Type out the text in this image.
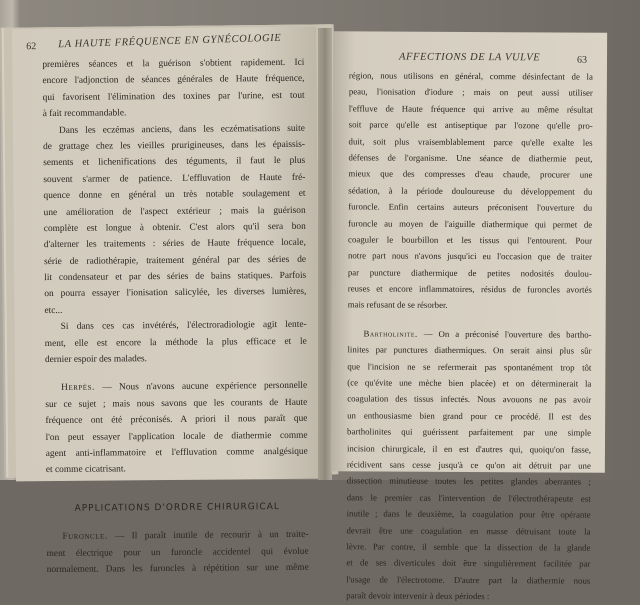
62 LA HAUTE FRÉQUENCE EN GYNÉCOLOGIE
premières séances et la guérison s'obtient rapidement. Ici
encore l'adjonction de séances générales de Haute fréquence,
qui favorisent l'élimination des toxines par l'urine, est tout
à fait recommandable.
Dans les eczémas anciens, dans les eczématisations suite
de grattage chez les vieilles prurigineuses, dans les épaissis-
sements et lichenifications des téguments, il faut le plus
souvent s'armer de patience. L'effluvation de Haute fré-
quence donne en général un très notable soulagement et
une amélioration de l'aspect extérieur ; mais la guérison
complète est longue à obtenir. C'est alors qu'il sera bon
d'alterner les traitements : séries de Haute fréquence locale,
série de radiothérapie, traitement général par des séries de
lit condensateur et par des séries de bains statiques. Parfois
on pourra essayer l'ionisation salicylée, les diverses lumières,
etc...
Si dans ces cas invétérés, l'électroradiologie agit lente-
ment, elle est encore la méthode la plus efficace et le
dernier espoir des malades.
Herpès. — Nous n'avons aucune expérience personnelle
sur ce sujet ; mais nous savons que les courants de Haute
fréquence ont été préconisés. A priori il nous paraît que
l'on peut essayer l'application locale de diathermie comme
agent anti-inflammatoire et l'effluvation comme analgésique
et comme cicatrisant.
APPLICATIONS D'ORDRE CHIRURGICAL
Furoncle. — Il paraît inutile de recourir à un traite-
ment électrique pour un furoncle accidentel qui évolue
normalement. Dans les furoncles à répétition sur une même
AFFECTIONS DE LA VULVE	63
région, nous utilisons en général, comme désinfectant de la
peau, l'ionisation d'iodure ; mais on peut aussi utiliser
l'effluve de Haute fréquence qui arrive au même résultat
soit parce qu'elle est antiseptique par l'ozone qu'elle pro-
duit, soit plus vraisemblablement parce qu'elle exalte les
défenses de l'organisme. Une séance de diathermie peut,
mieux que des compresses d'eau chaude, procurer une
sédation, à la période douloureuse du développement du
furoncle. Enfin certains auteurs préconisent l'ouverture du
furoncle au moyen de l'aiguille diathermique qui permet de
coaguler le bourbillon et les tissus qui l'entourent. Pour
notre part nous n'avons jusqu'ici eu l'occasion que de traiter
par puncture diathermique de petites nodosités doulou-
reuses et encore inflammatoires, résidus de furoncles avortés
mais refusant de se résorber.
Bartholinite. — On a préconisé l'ouverture des bartho-
linites par punctures diathermiques. On serait ainsi plus sûr
que l'incision ne se refermerait pas spontanément trop tôt
(ce qu'évite une mèche bien placée) et on déterminerait la
coagulation des tissus infectés. Nous avouons ne pas avoir
un enthousiasme bien grand pour ce procédé. Il est des
bartholinites qui guérissent parfaitement par une simple
incision chirurgicale, il en est d'autres qui, quoiqu'on fasse,
récidivent sans cesse jusqu'à ce qu'on ait détruit par une
dissection minutieuse toutes les petites glandes aberrantes ;
dans le premier cas l'intervention de l'électrothérapeute est
inutile ; dans le deuxième, la coagulation pour être opérante
devrait être une coagulation en masse détruisant toute la
lèvre. Par contre, il semble que la dissection de la glande
et de ses diverticules doit être singulièrement facilitée par
l'usage de l'électrotome. D'autre part la diathermie nous
paraît devoir intervenir à deux périodes :
